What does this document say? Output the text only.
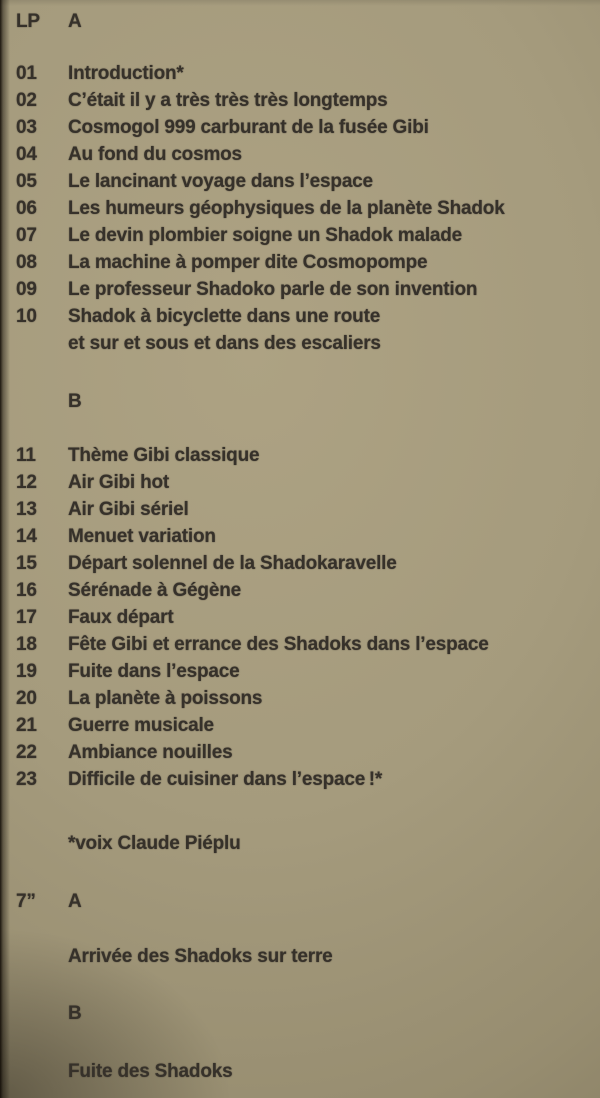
LP	A
01	Introduction*
02	C’était il y a très très très longtemps
03	Cosmogol 999 carburant de la fusée Gibi
04	Au fond du cosmos
05	Le lancinant voyage dans l’espace
06	Les humeurs géophysiques de la planète Shadok
07	Le devin plombier soigne un Shadok malade
08	La machine à pomper dite Cosmopompe
09	Le professeur Shadoko parle de son invention
10	Shadok à bicyclette dans une route
et sur et sous et dans des escaliers
B
11	Thème Gibi classique
12	Air Gibi hot
13	Air Gibi sériel
14	Menuet variation
15	Départ solennel de la Shadokaravelle
16	Sérénade à Gégène
17	Faux départ
18	Fête Gibi et errance des Shadoks dans l’espace
19	Fuite dans l’espace
20	La planète à poissons
21	Guerre musicale
22	Ambiance nouilles
23	Difficile de cuisiner dans l’espace !*
*voix Claude Piéplu
7”	A
Arrivée des Shadoks sur terre
B
Fuite des Shadoks
